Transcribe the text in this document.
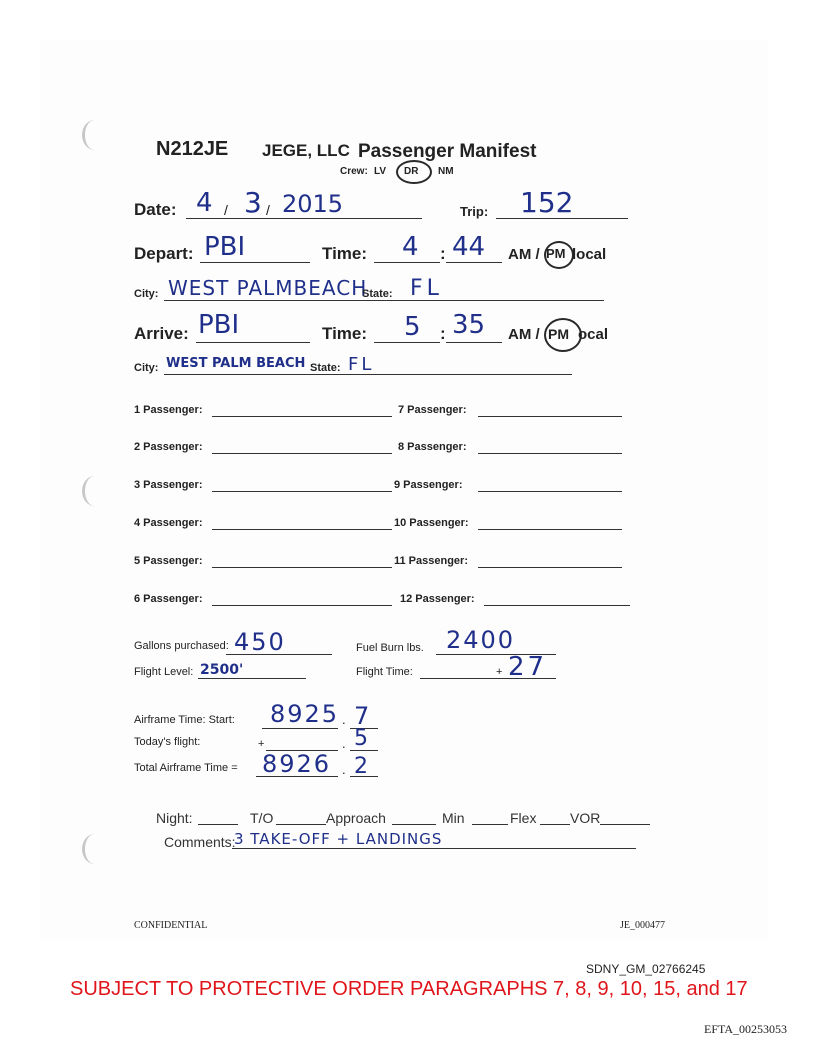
N212JE JEGE, LLC Passenger Manifest
Crew: LV DR NM
Date: 4 / 3 / 2015	Trip: 152
Depart: PBI	Time: 4 : 44 AM / PM local
City: WEST PALMBEACH
State: FL
Arrive: PBI	Time: 5 : 35 AM / PM ocal
City: WEST PALM BEACH State: FL
1 Passenger:	7 Passenger:
2 Passenger:	8 Passenger:
3 Passenger:	9 Passenger:
4 Passenger:	10 Passenger:
5 Passenger:	11 Passenger:
6 Passenger:	12 Passenger:
Gallons purchased: 450	Fuel Burn lbs. 2400
Flight Level: 2500'	Flight Time:	+ 27
Airframe Time: Start: 8925 . 7
Today's flight:	+	. 5
Total Airframe Time = 8926 . 2
Night:	T/O	Approach	Min	Flex VOR
Comments:
3 TAKE-OFF + LANDINGS
CONFIDENTIAL	JE_000477
SDNY_GM_02766245
SUBJECT TO PROTECTIVE ORDER PARAGRAPHS 7, 8, 9, 10, 15, and 17
EFTA_00253053
